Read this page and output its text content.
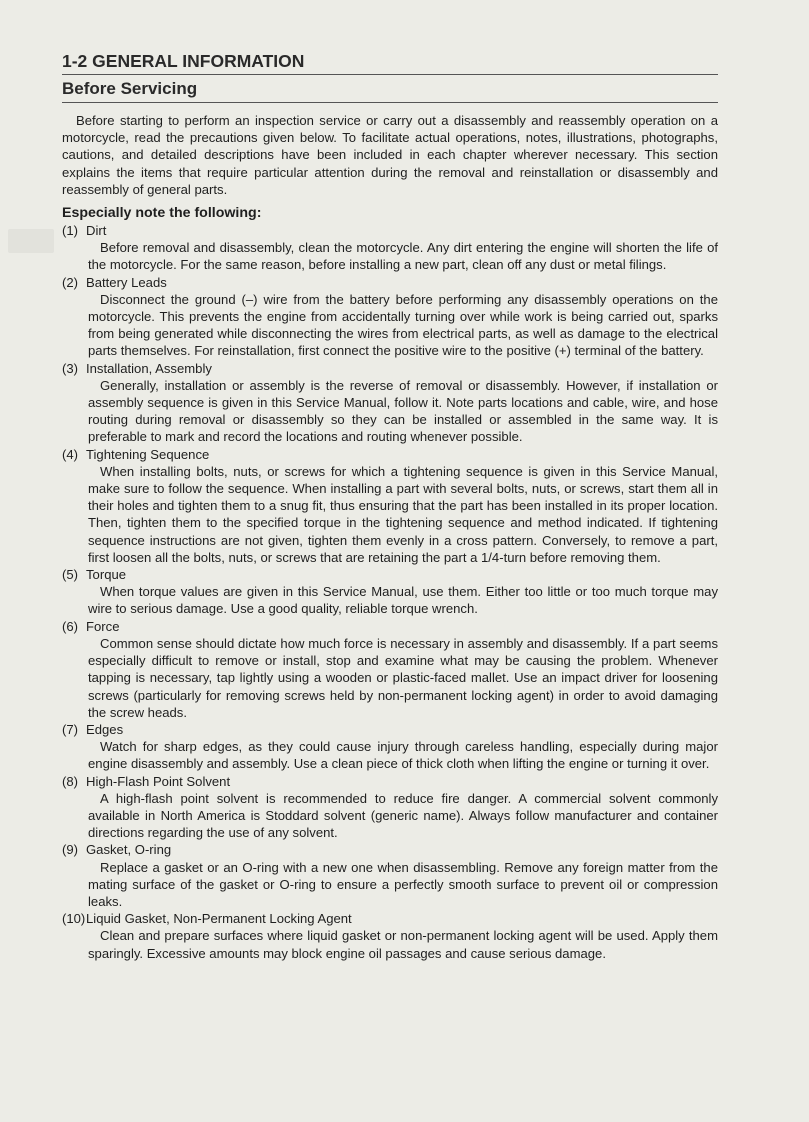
1-2 GENERAL INFORMATION
Before Servicing

Before starting to perform an inspection service or carry out a disassembly and reassembly operation on a motorcycle, read the precautions given below. To facilitate actual operations, notes, illustrations, photographs, cautions, and detailed descriptions have been included in each chapter wherever necessary. This section explains the items that require particular attention during the removal and reinstallation or disassembly and reassembly of general parts.

Especially note the following:
(1) Dirt
Before removal and disassembly, clean the motorcycle. Any dirt entering the engine will shorten the life of the motorcycle. For the same reason, before installing a new part, clean off any dust or metal filings.
(2) Battery Leads
Disconnect the ground (–) wire from the battery before performing any disassembly operations on the motorcycle. This prevents the engine from accidentally turning over while work is being carried out, sparks from being generated while disconnecting the wires from electrical parts, as well as damage to the electrical parts themselves. For reinstallation, first connect the positive wire to the positive (+) terminal of the battery.
(3) Installation, Assembly
Generally, installation or assembly is the reverse of removal or disassembly. However, if installation or assembly sequence is given in this Service Manual, follow it. Note parts locations and cable, wire, and hose routing during removal or disassembly so they can be installed or assembled in the same way. It is preferable to mark and record the locations and routing whenever possible.
(4) Tightening Sequence
When installing bolts, nuts, or screws for which a tightening sequence is given in this Service Manual, make sure to follow the sequence. When installing a part with several bolts, nuts, or screws, start them all in their holes and tighten them to a snug fit, thus ensuring that the part has been installed in its proper location. Then, tighten them to the specified torque in the tightening sequence and method indicated. If tightening sequence instructions are not given, tighten them evenly in a cross pattern. Conversely, to remove a part, first loosen all the bolts, nuts, or screws that are retaining the part a 1/4-turn before removing them.
(5) Torque
When torque values are given in this Service Manual, use them. Either too little or too much torque may wire to serious damage. Use a good quality, reliable torque wrench.
(6) Force
Common sense should dictate how much force is necessary in assembly and disassembly. If a part seems especially difficult to remove or install, stop and examine what may be causing the problem. Whenever tapping is necessary, tap lightly using a wooden or plastic-faced mallet. Use an impact driver for loosening screws (particularly for removing screws held by non-permanent locking agent) in order to avoid damaging the screw heads.
(7) Edges
Watch for sharp edges, as they could cause injury through careless handling, especially during major engine disassembly and assembly. Use a clean piece of thick cloth when lifting the engine or turning it over.
(8) High-Flash Point Solvent
A high-flash point solvent is recommended to reduce fire danger. A commercial solvent commonly available in North America is Stoddard solvent (generic name). Always follow manufacturer and container directions regarding the use of any solvent.
(9) Gasket, O-ring
Replace a gasket or an O-ring with a new one when disassembling. Remove any foreign matter from the mating surface of the gasket or O-ring to ensure a perfectly smooth surface to prevent oil or compression leaks.
(10) Liquid Gasket, Non-Permanent Locking Agent
Clean and prepare surfaces where liquid gasket or non-permanent locking agent will be used. Apply them sparingly. Excessive amounts may block engine oil passages and cause serious damage.
